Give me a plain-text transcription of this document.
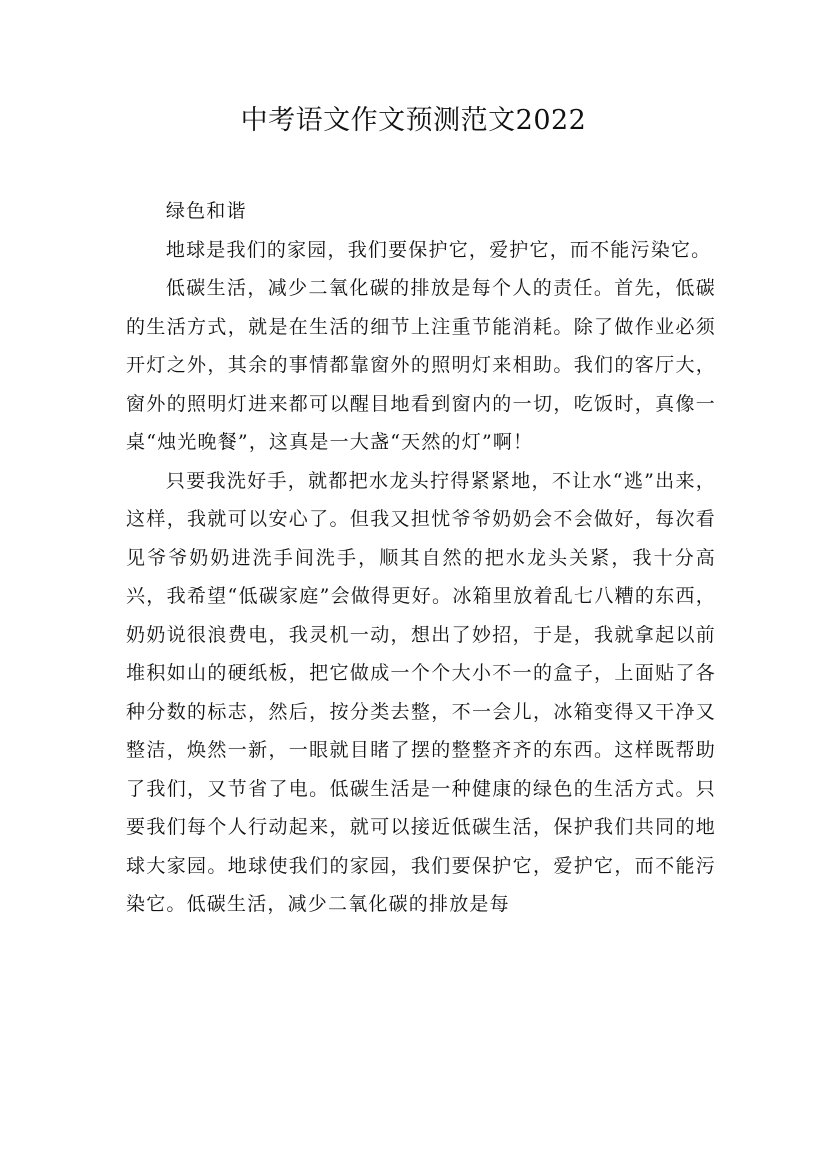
中考语文作文预测范文2022

绿色和谐

地球是我们的家园，我们要保护它，爱护它，而不能污染它。

低碳生活，减少二氧化碳的排放是每个人的责任。首先，低碳的生活方式，就是在生活的细节上注重节能消耗。除了做作业必须开灯之外，其余的事情都靠窗外的照明灯来相助。我们的客厅大，窗外的照明灯进来都可以醒目地看到窗内的一切，吃饭时，真像一桌“烛光晚餐”，这真是一大盏“天然的灯”啊！

只要我洗好手，就都把水龙头拧得紧紧地，不让水“逃”出来，这样，我就可以安心了。但我又担忧爷爷奶奶会不会做好，每次看见爷爷奶奶进洗手间洗手，顺其自然的把水龙头关紧，我十分高兴，我希望“低碳家庭”会做得更好。冰箱里放着乱七八糟的东西，奶奶说很浪费电，我灵机一动，想出了妙招，于是，我就拿起以前堆积如山的硬纸板，把它做成一个个大小不一的盒子，上面贴了各种分数的标志，然后，按分类去整，不一会儿，冰箱变得又干净又整洁，焕然一新，一眼就目睹了摆的整整齐齐的东西。这样既帮助了我们，又节省了电。低碳生活是一种健康的绿色的生活方式。只要我们每个人行动起来，就可以接近低碳生活，保护我们共同的地球大家园。地球使我们的家园，我们要保护它，爱护它，而不能污染它。低碳生活，减少二氧化碳的排放是每
